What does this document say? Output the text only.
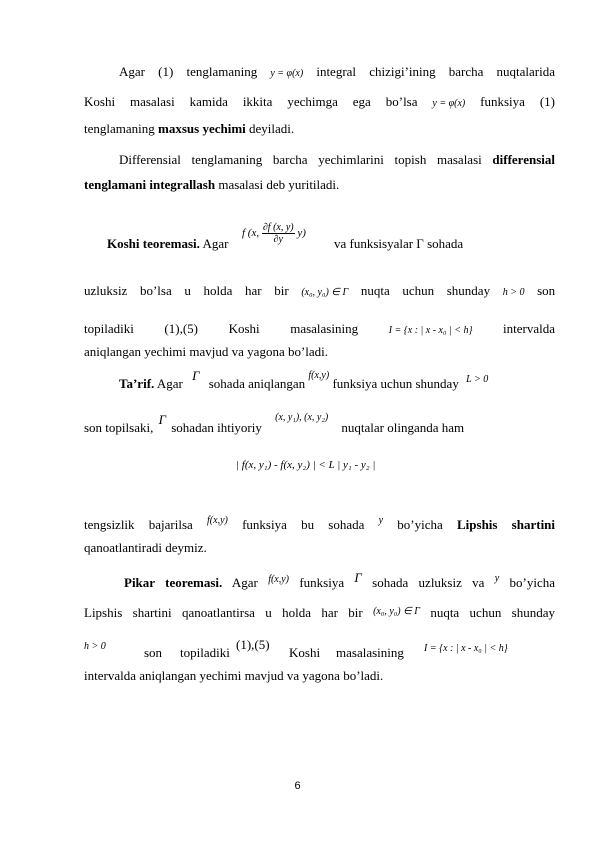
Agar (1) tenglamaning y = φ(x) integral chizigi’ining barcha nuqtalarida
Koshi masalasi kamida ikkita yechimga ega bo’lsa y = φ(x) funksiya (1)
tenglamaning maxsus yechimi deyiladi.
Differensial tenglamaning barcha yechimlarini topish masalasi differensial
tenglamani integrallash masalasi deb yuritiladi.
Koshi teoremasi. Agar
f (x, $\frac{\partial f (x, y)}{\partial y} y$)
va funksisyalar Γ sohada
uzluksiz bo’lsa u holda har bir (x₀, y₀) ∈ Γ nuqta uchun shunday h > 0 son
topiladiki (1),(5) Koshi masalasining	I = {x : | x - x₀ | < h} intervalda
aniqlangan yechimi mavjud va yagona bo’ladi.
Ta’rif. Agar Γ sohada aniqlangan f(x,y) funksiya uchun shunday L > 0
son topilsaki, Γ sohadan ihtiyoriy (x, y₁), (x, y₂) nuqtalar olinganda ham
| f(x, y₁) - f(x, y₂) | < L | y₁ - y₂ |
tengsizlik bajarilsa f(x,y) funksiya bu sohada y bo’yicha Lipshis shartini
qanoatlantiradi deymiz.
Pikar teoremasi. Agar f(x,y) funksiya Γ sohada uzluksiz va y bo’yicha
Lipshis shartini qanoatlantirsa u holda har bir (x₀, y₀) ∈ Γ nuqta uchun shunday
h > 0	son topiladiki
(1),(5)
Koshi masalasining I = {x : | x - x₀ | < h}
intervalda aniqlangan yechimi mavjud va yagona bo’ladi.
6
